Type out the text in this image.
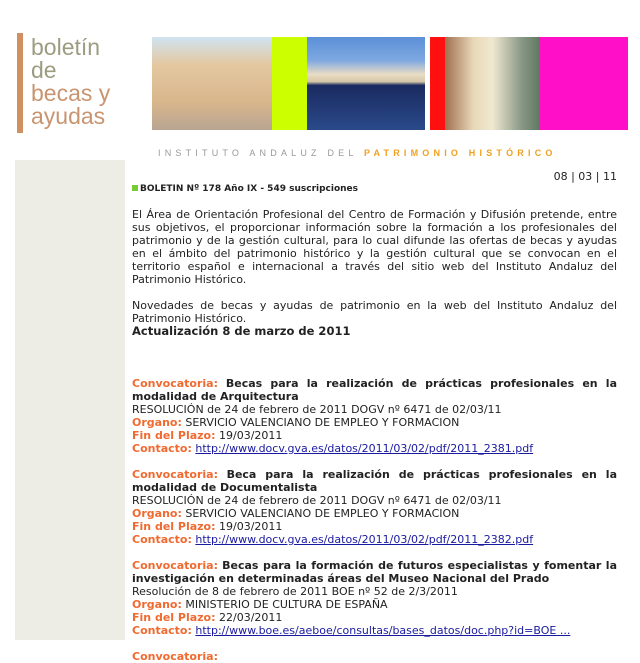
boletín
de
becas y
ayudas
INSTITUTO ANDALUZ DEL PATRIMONIO HISTÓRICO
08 | 03 | 11
BOLETIN Nº 178 Año IX - 549 suscripciones

El Área de Orientación Profesional del Centro de Formación y Difusión pretende, entre sus objetivos, el proporcionar información sobre la formación a los profesionales del patrimonio y de la gestión cultural, para lo cual difunde las ofertas de becas y ayudas en el ámbito del patrimonio histórico y la gestión cultural que se convocan en el territorio español e internacional a través del sitio web del Instituto Andaluz del Patrimonio Histórico.

Novedades de becas y ayudas de patrimonio en la web del Instituto Andaluz del Patrimonio Histórico.

Actualización 8 de marzo de 2011

Convocatoria: Becas para la realización de prácticas profesionales en la modalidad de Arquitectura

RESOLUCIÓN de 24 de febrero de 2011 DOGV nº 6471 de 02/03/11
Organo: SERVICIO VALENCIANO DE EMPLEO Y FORMACION
Fin del Plazo: 19/03/2011
Contacto: http://www.docv.gva.es/datos/2011/03/02/pdf/2011_2381.pdf

Convocatoria: Beca para la realización de prácticas profesionales en la modalidad de Documentalista

RESOLUCIÓN de 24 de febrero de 2011 DOGV nº 6471 de 02/03/11
Organo: SERVICIO VALENCIANO DE EMPLEO Y FORMACION
Fin del Plazo: 19/03/2011
Contacto: http://www.docv.gva.es/datos/2011/03/02/pdf/2011_2382.pdf

Convocatoria: Becas para la formación de futuros especialistas y fomentar la investigación en determinadas áreas del Museo Nacional del Prado

Resolución de 8 de febrero de 2011 BOE nº 52 de 2/3/2011
Organo: MINISTERIO DE CULTURA DE ESPAÑA
Fin del Plazo: 22/03/2011
Contacto: http://www.boe.es/aeboe/consultas/bases_datos/doc.php?id=BOE ...
Convocatoria:
